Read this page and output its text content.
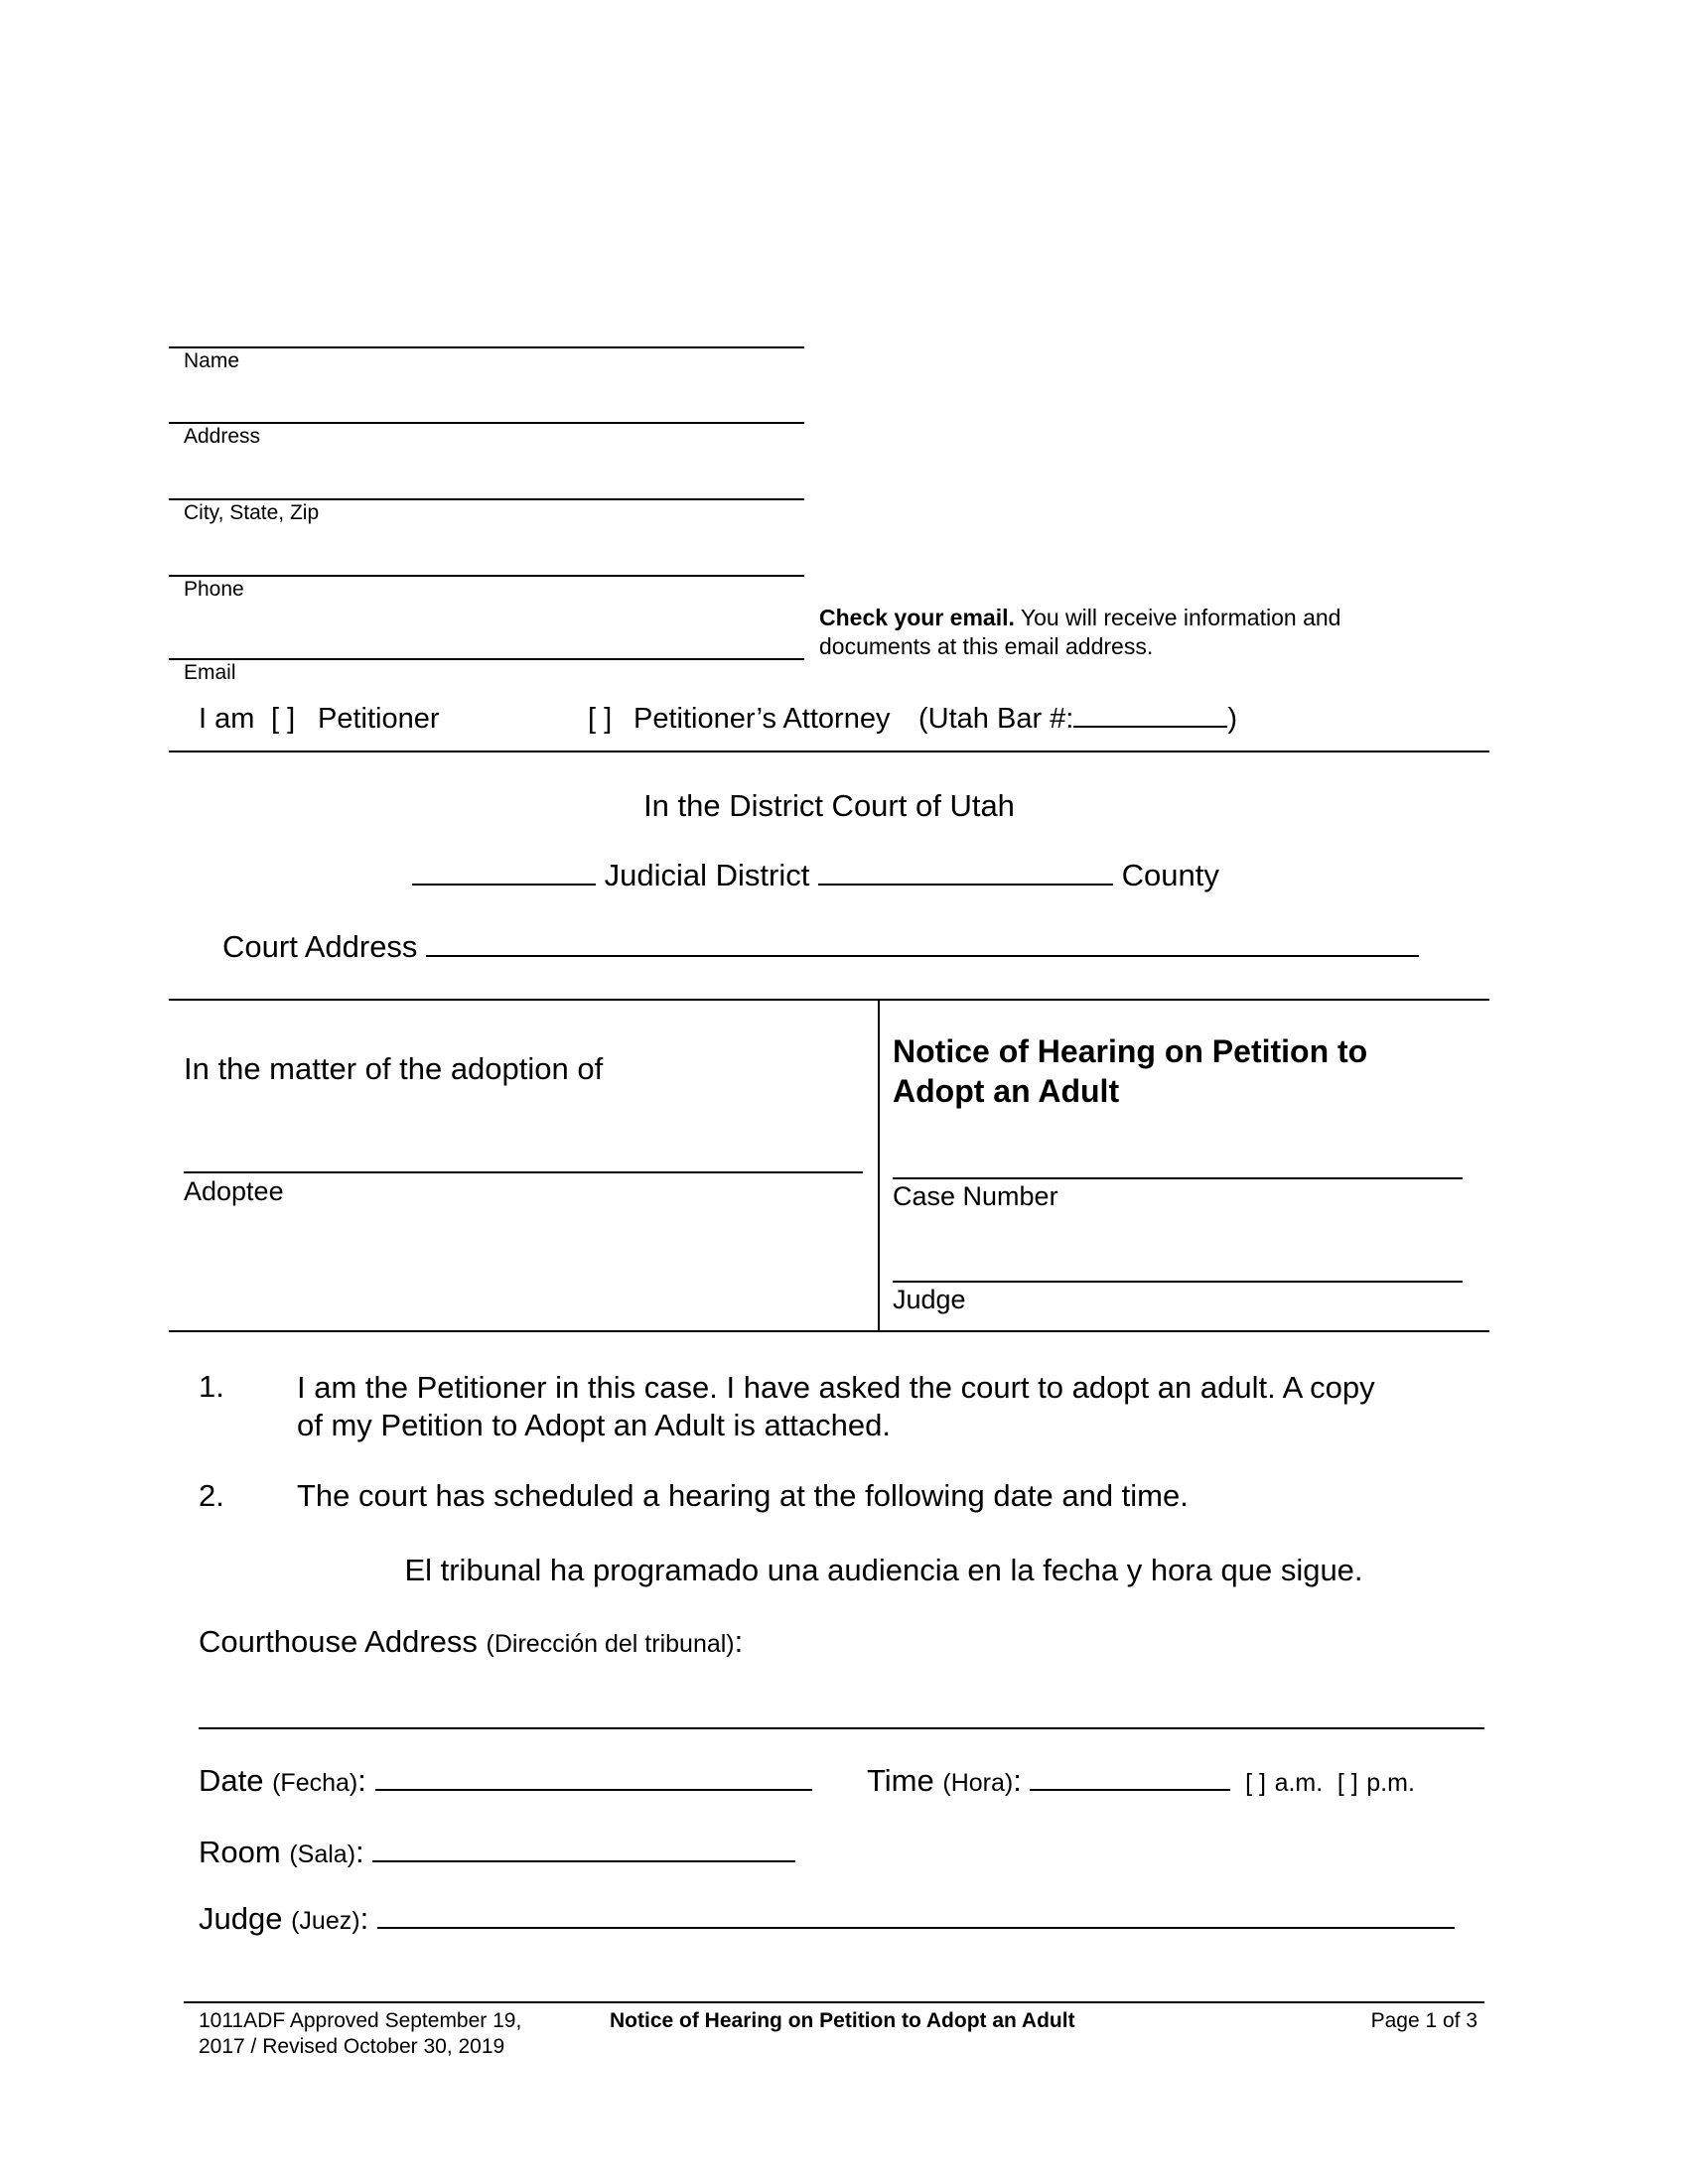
Name
Address
City, State, Zip
Phone
Check your email. You will receive information and
documents at this email address.
Email
I am [ ] Petitioner	[ ] Petitioner’s Attorney (Utah Bar #:	)
In the District Court of Utah
Judicial District	County
Court Address
In the matter of the adoption of
Adoptee
Notice of Hearing on Petition to
Adopt an Adult
Case Number
Judge
1. I am the Petitioner in this case. I have asked the court to adopt an adult. A copy
of my Petition to Adopt an Adult is attached.
2. The court has scheduled a hearing at the following date and time.
El tribunal ha programado una audiencia en la fecha y hora que sigue.
Courthouse Address (Dirección del tribunal):
Date (Fecha):	Time (Hora):	[ ] a.m. [ ] p.m.
Room (Sala):
Judge (Juez):
1011ADF Approved September 19,
2017 / Revised October 30, 2019
Notice of Hearing on Petition to Adopt an Adult	Page 1 of 3
